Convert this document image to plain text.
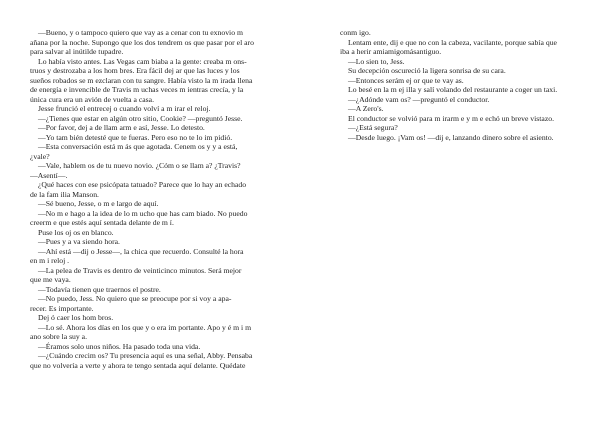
—Bueno, y o tampoco quiero que vay as a cenar con tu exnovio m
añana por la noche. Supongo que los dos tendrem os que pasar por el aro
para salvar al inútilde tupadre.
Lo había visto antes. Las Vegas cam biaba a la gente: creaba m ons-
truos y destrozaba a los hom bres. Era fácil dej ar que las luces y los
sueños robados se m ezclaran con tu sangre. Había visto la m irada llena
de energía e invencible de Travis m uchas veces m ientras crecía, y la
única cura era un avión de vuelta a casa.
Jesse frunció el entrecej o cuando volví a m irar el reloj.
—¿Tienes que estar en algún otro sitio, Cookie? —preguntó Jesse.
—Por favor, dej a de llam arm e así, Jesse. Lo detesto.
—Yo tam bién detesté que te fueras. Pero eso no te lo im pidió.
—Esta conversación está m ás que agotada. Cenem os y y a está,
¿vale?
—Vale, hablem os de tu nuevo novio. ¿Cóm o se llam a? ¿Travis?
—Asentí—.
¿Qué haces con ese psicópata tatuado? Parece que lo hay an echado
de la fam ilia Manson.
—Sé bueno, Jesse, o m e largo de aquí.
—No m e hago a la idea de lo m ucho que has cam biado. No puedo
creerm e que estés aquí sentada delante de m í.
Puse los oj os en blanco.
—Pues y a va siendo hora.
—Ahí está —dij o Jesse—, la chica que recuerdo. Consulté la hora
en m i reloj .
—La pelea de Travis es dentro de veinticinco minutos. Será mejor
que me vaya.
—Todavía tienen que traernos el postre.
—No puedo, Jess. No quiero que se preocupe por si voy a apa-
recer. Es importante.
Dej ó caer los hom bros.
—Lo sé. Ahora los días en los que y o era im portante. Apo y é m i m
ano sobre la suy a.
—Éramos solo unos niños. Ha pasado toda una vida.
—¿Cuándo crecim os? Tu presencia aquí es una señal, Abby. Pensaba
que no volvería a verte y ahora te tengo sentada aquí delante. Quédate
conm igo.
Lentam ente, dij e que no con la cabeza, vacilante, porque sabía que
iba a herir amiamigomásantiguo.
—Lo sien to, Jess.
Su decepción oscureció la ligera sonrisa de su cara.
—Entonces serám ej or que te vay as.
Lo besé en la m ej illa y salí volando del restaurante a coger un taxi.
—¿Adónde vam os? —preguntó el conductor.
—A Zero's.
El conductor se volvió para m irarm e y m e echó un breve vistazo.
—¿Está segura?
—Desde luego. ¡Vam os! —dij e, lanzando dinero sobre el asiento.
